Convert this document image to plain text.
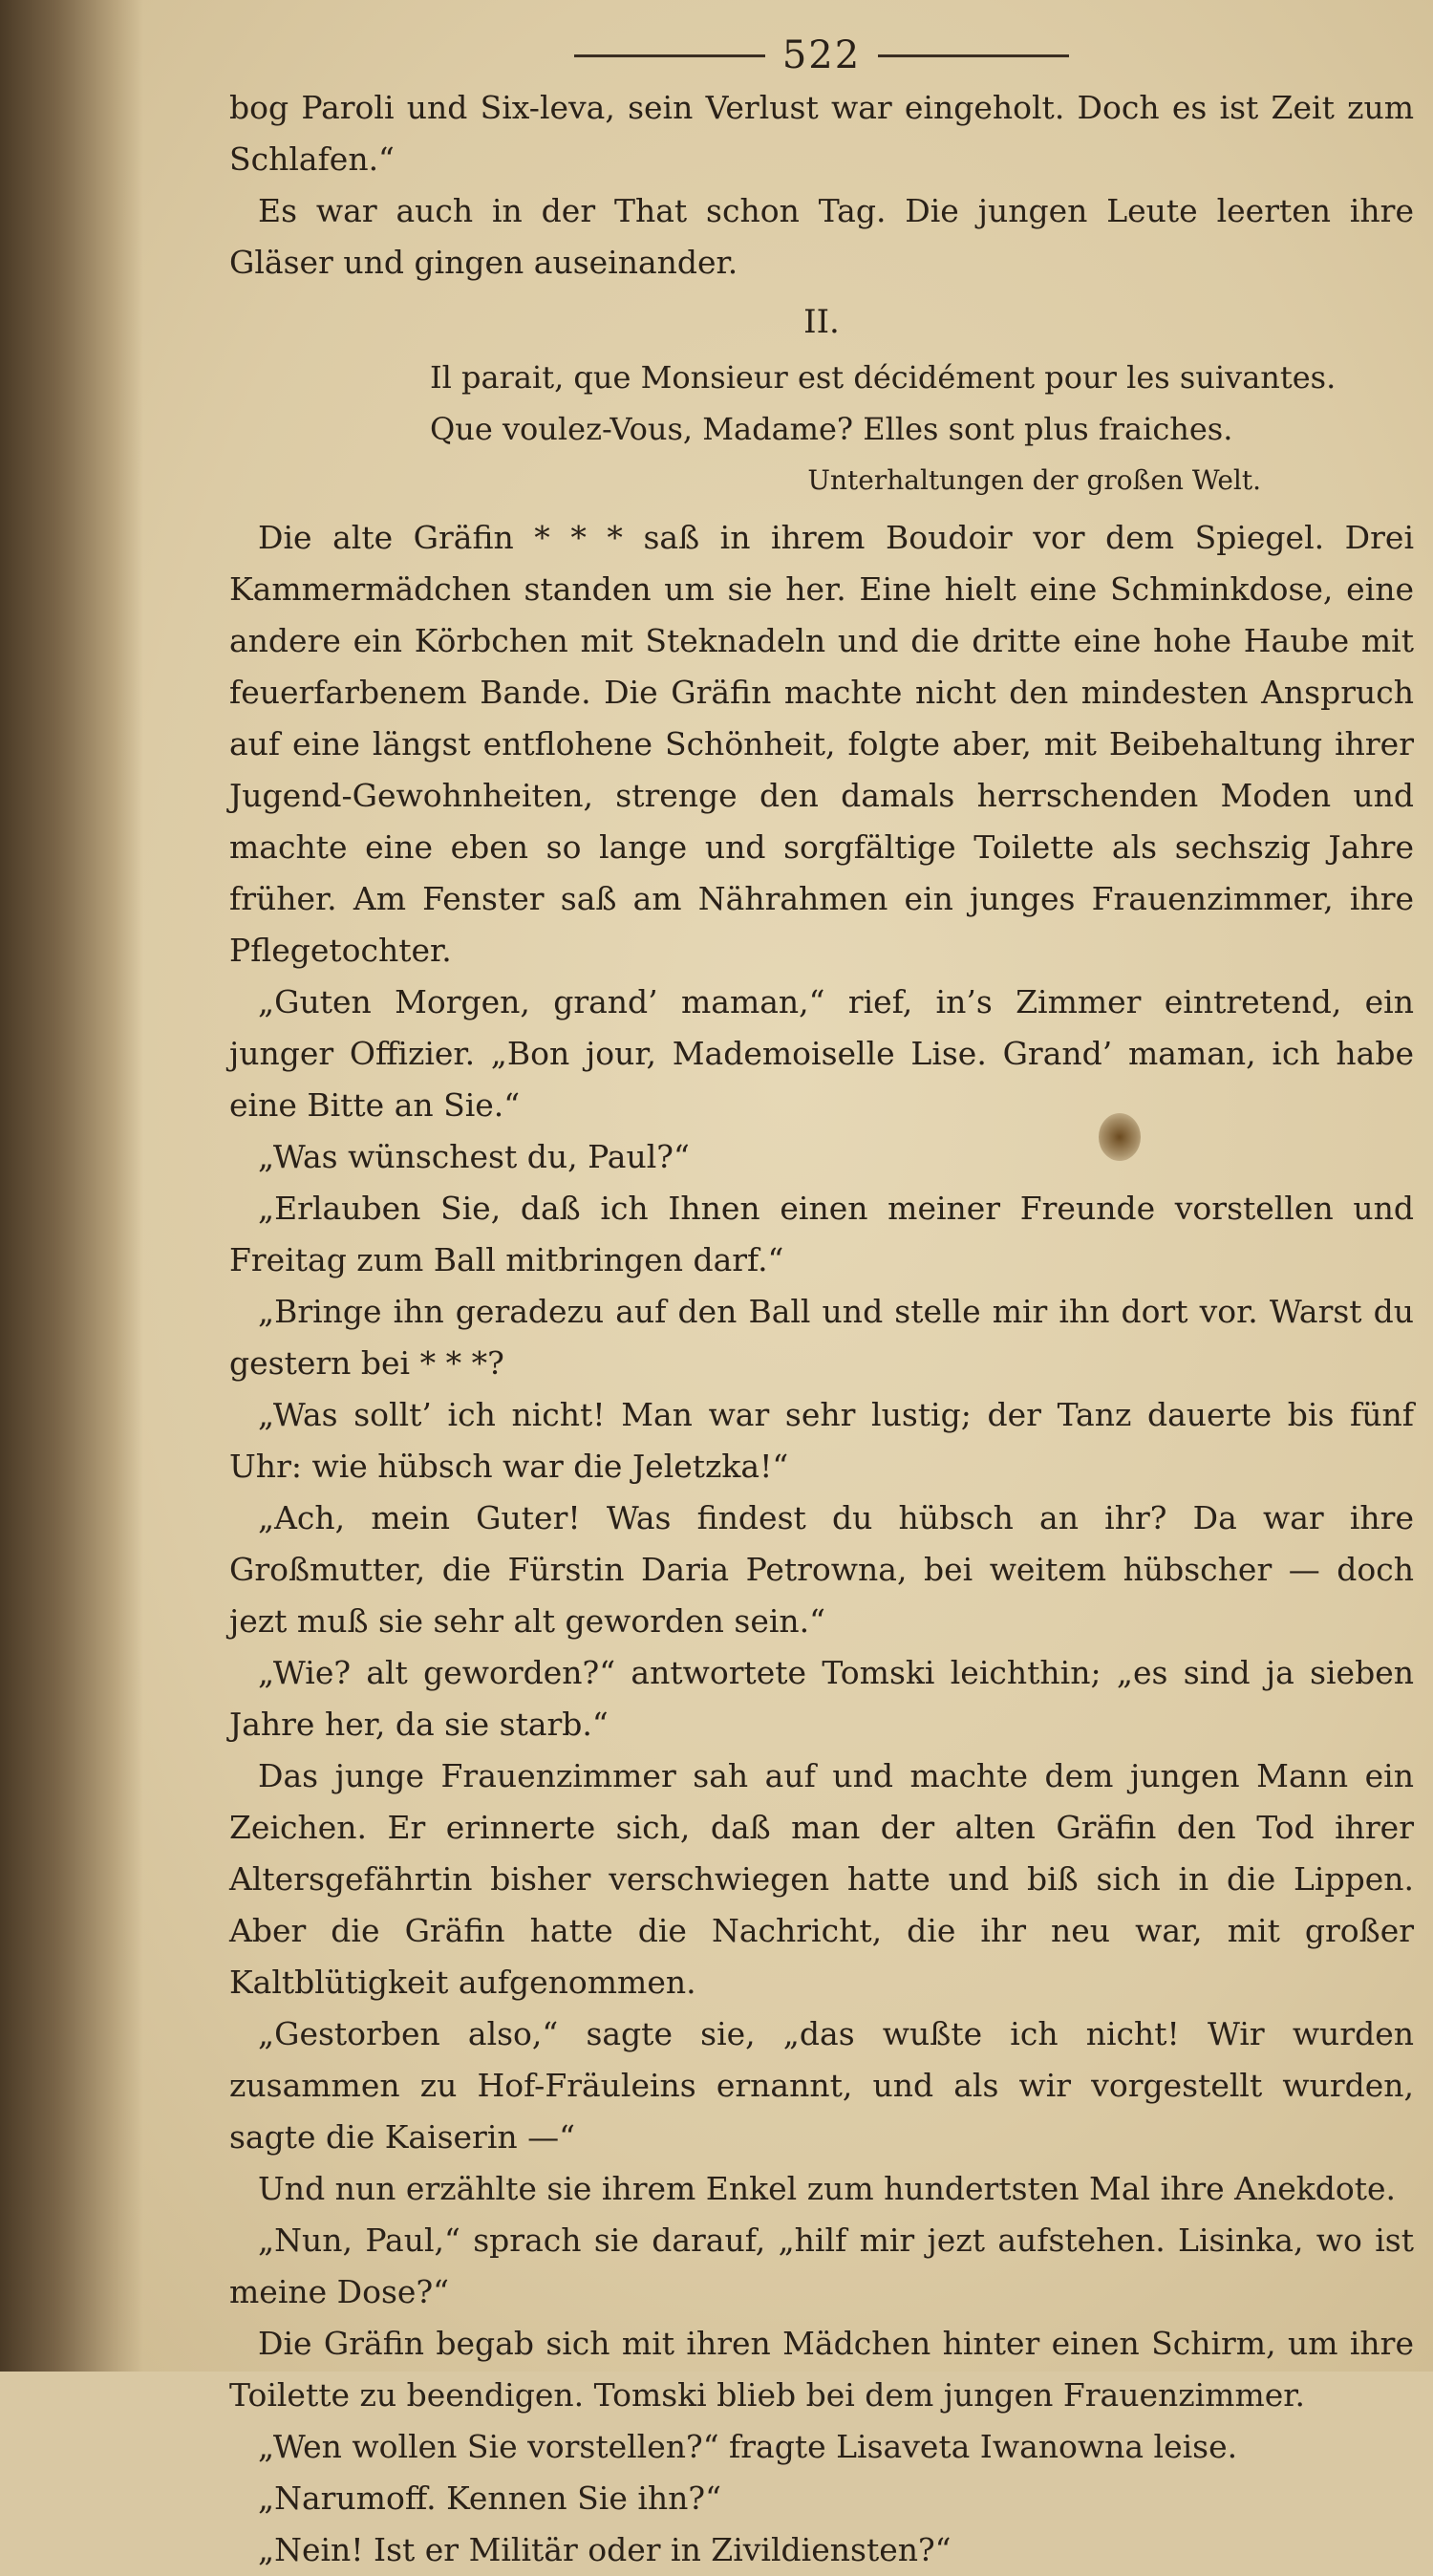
522

bog Paroli und Six-leva, sein Verlust war eingeholt. Doch es ist Zeit zum Schlafen.“

Es war auch in der That schon Tag. Die jungen Leute leerten ihre Gläser und gingen auseinander.

II.

Il parait, que Monsieur est décidément pour les suivantes.

Que voulez-Vous, Madame? Elles sont plus fraiches.

Unterhaltungen der großen Welt.

Die alte Gräfin * * * saß in ihrem Boudoir vor dem Spiegel. Drei Kammermädchen standen um sie her. Eine hielt eine Schminkdose, eine andere ein Körbchen mit Steknadeln und die dritte eine hohe Haube mit feuerfarbenem Bande. Die Gräfin machte nicht den mindesten Anspruch auf eine längst entflohene Schönheit, folgte aber, mit Beibehaltung ihrer Jugend-Gewohnheiten, strenge den damals herrschenden Moden und machte eine eben so lange und sorgfältige Toilette als sechszig Jahre früher. Am Fenster saß am Nährahmen ein junges Frauenzimmer, ihre Pflegetochter.

„Guten Morgen, grand’ maman,“ rief, in’s Zimmer eintretend, ein junger Offizier. „Bon jour, Mademoiselle Lise. Grand’ maman, ich habe eine Bitte an Sie.“

„Was wünschest du, Paul?“

„Erlauben Sie, daß ich Ihnen einen meiner Freunde vorstellen und Freitag zum Ball mitbringen darf.“

„Bringe ihn geradezu auf den Ball und stelle mir ihn dort vor. Warst du gestern bei * * *?

„Was sollt’ ich nicht! Man war sehr lustig; der Tanz dauerte bis fünf Uhr: wie hübsch war die Jeletzka!“

„Ach, mein Guter! Was findest du hübsch an ihr? Da war ihre Großmutter, die Fürstin Daria Petrowna, bei weitem hübscher — doch jezt muß sie sehr alt geworden sein.“

„Wie? alt geworden?“ antwortete Tomski leichthin; „es sind ja sieben Jahre her, da sie starb.“

Das junge Frauenzimmer sah auf und machte dem jungen Mann ein Zeichen. Er erinnerte sich, daß man der alten Gräfin den Tod ihrer Altersgefährtin bisher verschwiegen hatte und biß sich in die Lippen. Aber die Gräfin hatte die Nachricht, die ihr neu war, mit großer Kaltblütigkeit aufgenommen.

„Gestorben also,“ sagte sie, „das wußte ich nicht! Wir wurden zusammen zu Hof-Fräuleins ernannt, und als wir vorgestellt wurden, sagte die Kaiserin —“

Und nun erzählte sie ihrem Enkel zum hundertsten Mal ihre Anekdote.

„Nun, Paul,“ sprach sie darauf, „hilf mir jezt aufstehen. Lisinka, wo ist meine Dose?“

Die Gräfin begab sich mit ihren Mädchen hinter einen Schirm, um ihre Toilette zu beendigen. Tomski blieb bei dem jungen Frauenzimmer.

„Wen wollen Sie vorstellen?“ fragte Lisaveta Iwanowna leise.

„Narumoff. Kennen Sie ihn?“

„Nein! Ist er Militär oder in Zivildiensten?“
